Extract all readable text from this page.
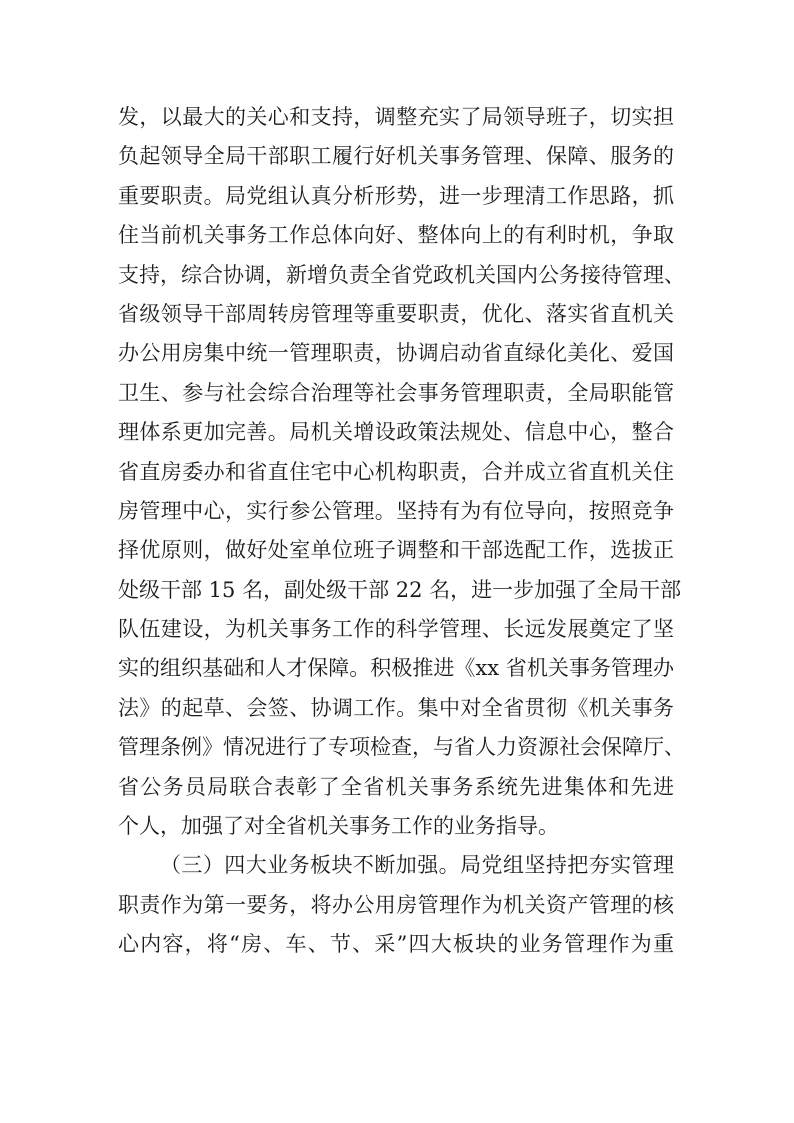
发，以最大的关心和支持，调整充实了局领导班子，切实担
负起领导全局干部职工履行好机关事务管理、保障、服务的
重要职责。局党组认真分析形势，进一步理清工作思路，抓
住当前机关事务工作总体向好、整体向上的有利时机，争取
支持，综合协调，新增负责全省党政机关国内公务接待管理、
省级领导干部周转房管理等重要职责，优化、落实省直机关
办公用房集中统一管理职责，协调启动省直绿化美化、爱国
卫生、参与社会综合治理等社会事务管理职责，全局职能管
理体系更加完善。局机关增设政策法规处、信息中心，整合
省直房委办和省直住宅中心机构职责，合并成立省直机关住
房管理中心，实行参公管理。坚持有为有位导向，按照竞争
择优原则，做好处室单位班子调整和干部选配工作，选拔正
处级干部 15 名，副处级干部 22 名，进一步加强了全局干部
队伍建设，为机关事务工作的科学管理、长远发展奠定了坚
实的组织基础和人才保障。积极推进《xx 省机关事务管理办
法》的起草、会签、协调工作。集中对全省贯彻《机关事务
管理条例》情况进行了专项检查，与省人力资源社会保障厅、
省公务员局联合表彰了全省机关事务系统先进集体和先进
个人，加强了对全省机关事务工作的业务指导。
（三）四大业务板块不断加强。局党组坚持把夯实管理
职责作为第一要务，将办公用房管理作为机关资产管理的核
心内容，将“房、车、节、采”四大板块的业务管理作为重
